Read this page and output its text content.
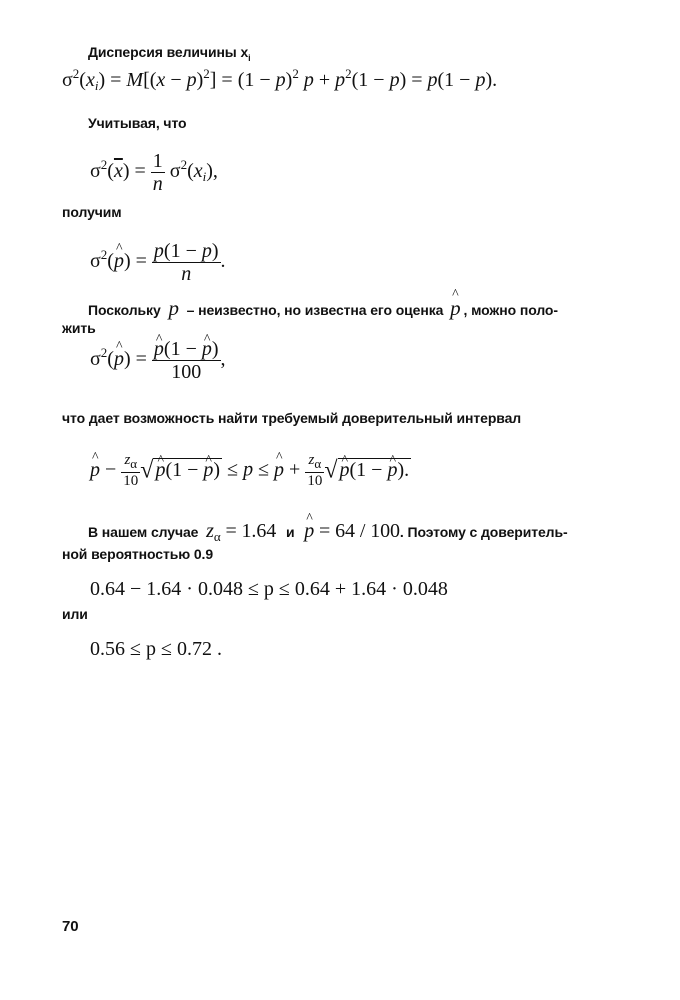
Дисперсия величины $x_i$
$\sigma^2(x_i) = M[(x - p)^2] = (1 - p)^2$ $p + p^2(1 - p) = p(1 - p)$.
Учитывая, что
$\sigma^2(\overline{x}) = \frac{1}{n} \sigma^2(x_i)$,
получим
$\sigma^2(\^{}$ $p) = \frac{p(1 - p)}{n}$ .
Поскольку p – неизвестно, но известна его оценка ^ p , можно поло-
жить
$\sigma^2(\^{}$ p) = ^ $\frac{p(1 - \^{} p)}{100}$ ,
что дает возможность найти требуемый доверительный интервал
^ $p - \frac{z_\alpha}{10}$ √ ^ p(1 − ^ p) ≤ p ≤ ^ $p + \frac{z_\alpha}{10}$ √ ^ p(1 − ^ p).
В нашем случае $z_\alpha = 1.64$ и ^ p = 64 / 100. Поэтому с доверитель-
ной вероятностью 0.9
0.64 − 1.64 · 0.048 ≤ p ≤ 0.64 + 1.64 · 0.048
или
0.56 ≤ p ≤ 0.72 .
70
